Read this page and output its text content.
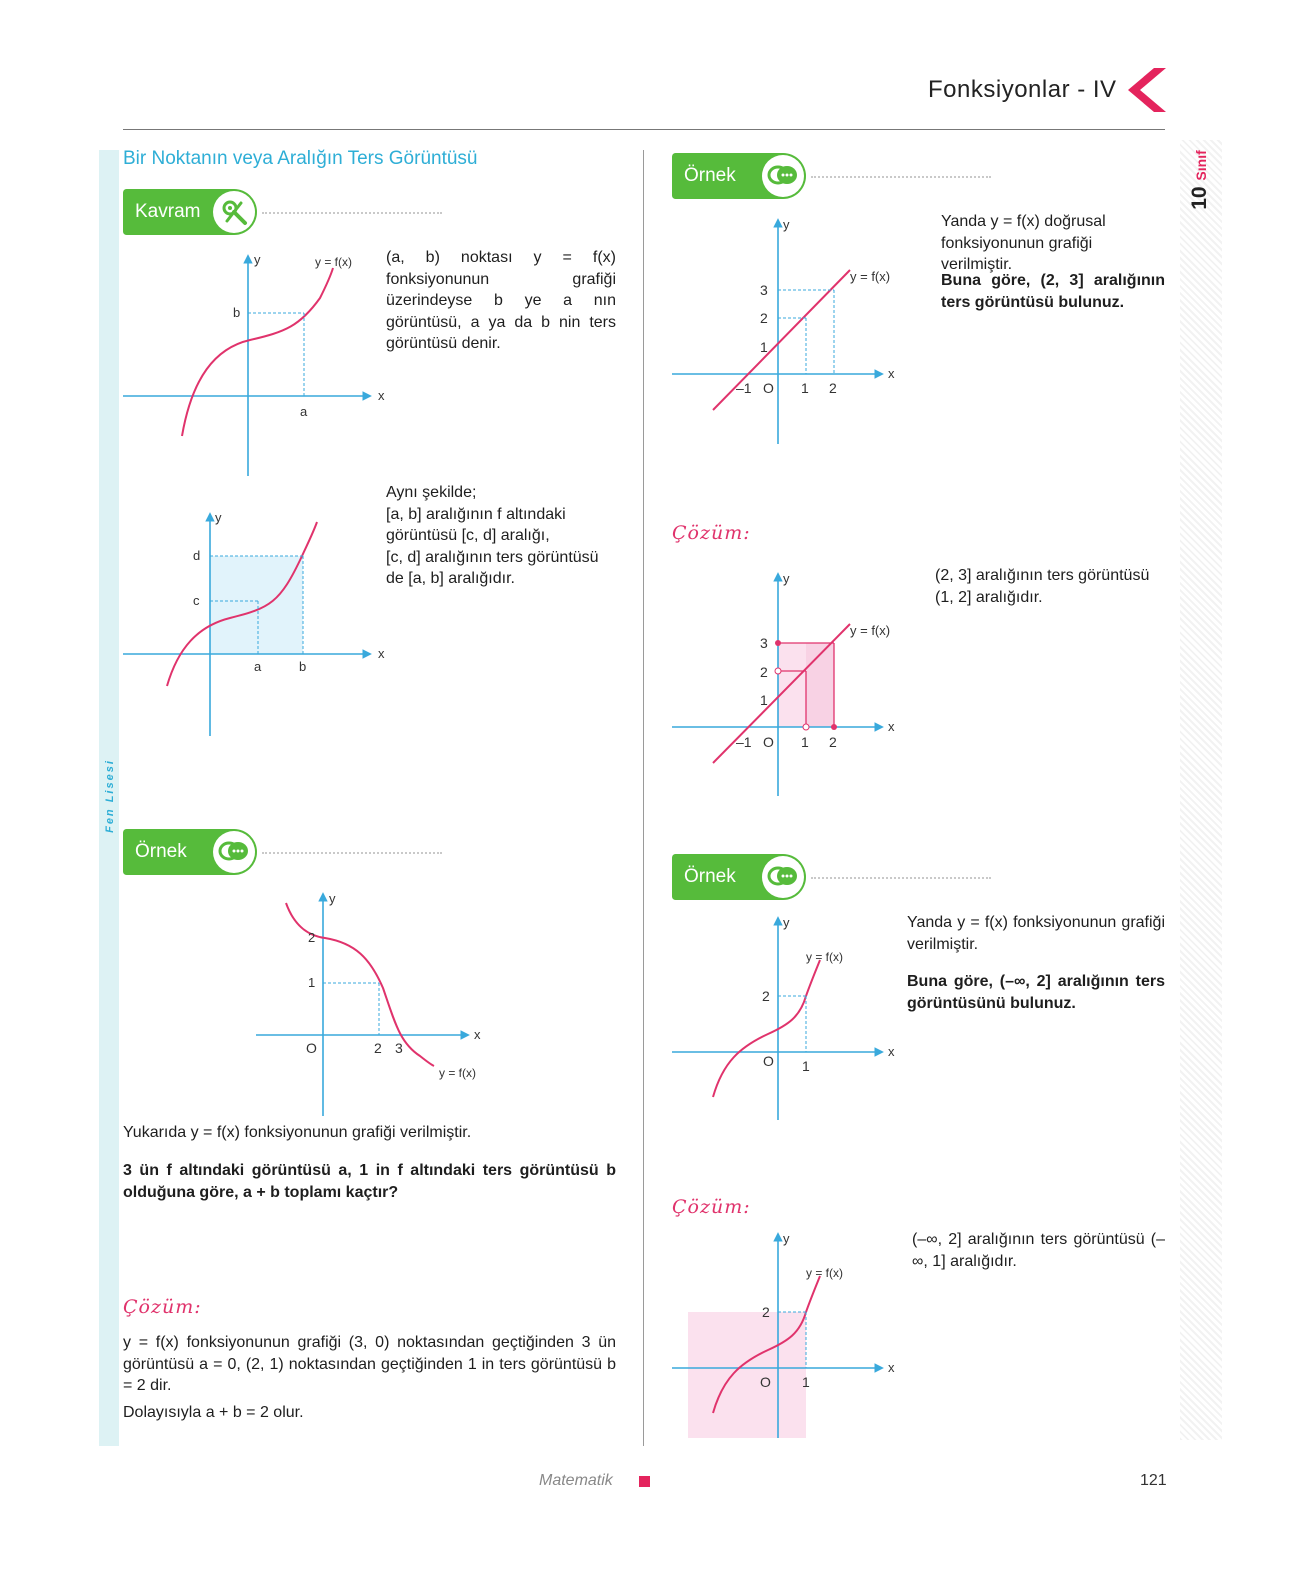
Fonksiyonlar - IV
10 Sınıf
Fen Lisesi
Bir Noktanın veya Aralığın Ters Görüntüsü
Kavram
y
x
y = f(x)
b
a
(a, b) noktası y = f(x) fonksiyonunun grafiği üzerindeyse b ye a nın görüntüsü, a ya da b nin ters görüntüsü denir.
y
x
d
c
a	b
Aynı şekilde;
[a, b] aralığının f altındaki
görüntüsü [c, d] aralığı,
[c, d] aralığının ters görüntüsü
de [a, b] aralığıdır.
Örnek
y
x
2
1
O	2 3
y = f(x)
Yukarıda y = f(x) fonksiyonunun grafiği verilmiştir.
3 ün f altındaki görüntüsü a, 1 in f altındaki ters görüntüsü b olduğuna göre, a + b toplamı kaçtır?
Çözüm:
y = f(x) fonksiyonunun grafiği (3, 0) noktasından geçtiğinden 3 ün görüntüsü a = 0, (2, 1) noktasından geçtiğinden 1 in ters görüntüsü b = 2 dir.
Dolayısıyla a + b = 2 olur.
Örnek
y
x
y = f(x)
3
2
1
–1 O 1 2
Yanda y = f(x) doğrusal fonksiyonunun grafiği verilmiştir.
Buna göre, (2, 3] aralığının ters görüntüsü bulunuz.
Çözüm:
y
x
y = f(x)
3
2
1
–1 O 1 2
(2, 3] aralığının ters görüntüsü (1, 2] aralığıdır.
Örnek
y
x
y = f(x)
2
O 1
Yanda y = f(x) fonksiyonunun grafiği verilmiştir.
Buna göre, (–∞, 2] aralığının ters görüntüsünü bulunuz.
Çözüm:
y
x
y = f(x)
2
O 1
(–∞, 2] aralığının ters görüntüsü (–∞, 1] aralığıdır.
Matematik	121
